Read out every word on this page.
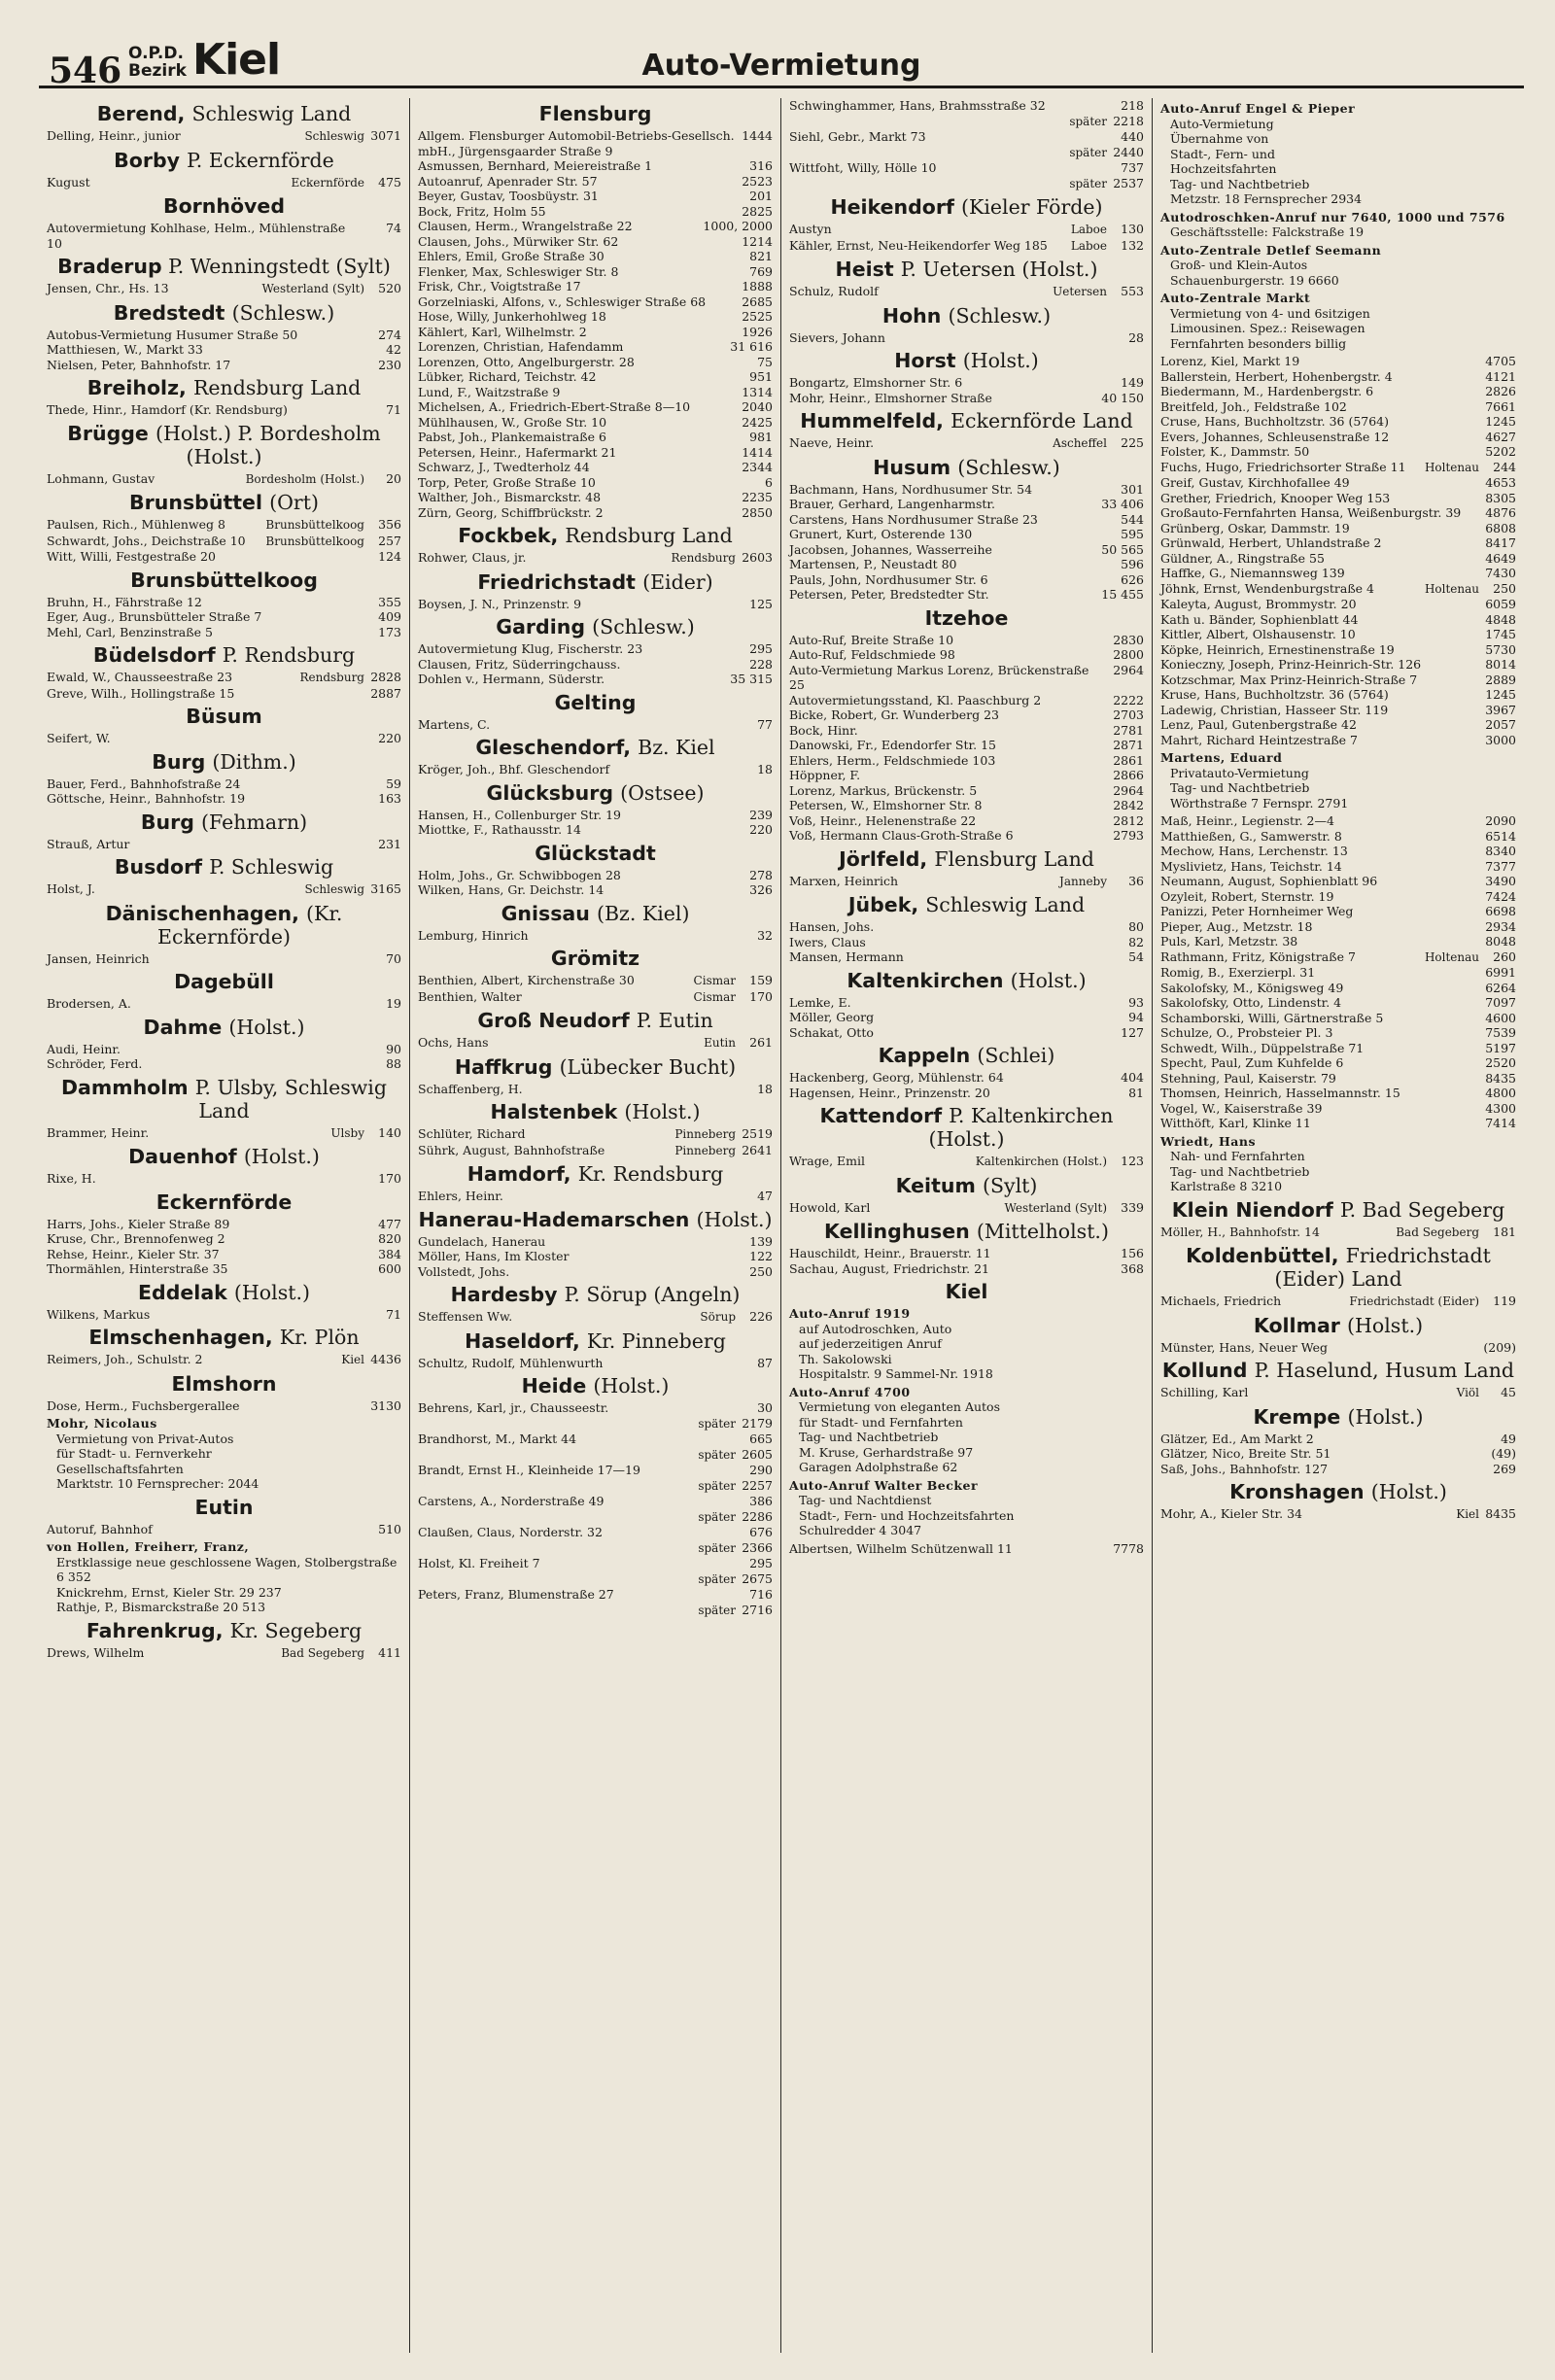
546 O.P.D.
Bezirk Kiel	Auto-Vermietung
Berend, Schleswig Land
Delling, Heinr., junior	Schleswig 3071
Borby P. Eckernförde
Kugust	Eckernförde	475
Bornhöved
Autovermietung Kohlhase, Helm., Mühlenstraße 10
74
Braderup P. Wenningstedt (Sylt)
Jensen, Chr., Hs. 13	Westerland (Sylt)	520
Bredstedt (Schlesw.)
Autobus-Vermietung Husumer Straße 50	274
Matthiesen, W., Markt 33	42
Nielsen, Peter, Bahnhofstr. 17	230
Breiholz, Rendsburg Land
Thede, Hinr., Hamdorf (Kr. Rendsburg)	71
Brügge (Holst.) P. Bordesholm (Holst.)
Lohmann, Gustav	Bordesholm (Holst.)	20
Brunsbüttel (Ort)
Paulsen, Rich., Mühlenweg 8	Brunsbüttelkoog	356
Schwardt, Johs., Deichstraße 10	Brunsbüttelkoog	257
Witt, Willi, Festgestraße 20	124
Brunsbüttelkoog
Bruhn, H., Fährstraße 12	355
Eger, Aug., Brunsbütteler Straße 7	409
Mehl, Carl, Benzinstraße 5	173
Büdelsdorf P. Rendsburg
Ewald, W., Chausseestraße 23	Rendsburg 2828
Greve, Wilh., Hollingstraße 15	2887
Büsum
Seifert, W.	220
Burg (Dithm.)
Bauer, Ferd., Bahnhofstraße 24	59
Göttsche, Heinr., Bahnhofstr. 19	163
Burg (Fehmarn)
Strauß, Artur	231
Busdorf P. Schleswig
Holst, J.	Schleswig 3165
Dänischenhagen, (Kr. Eckernförde)
Jansen, Heinrich	70
Dagebüll
Brodersen, A.	19
Dahme (Holst.)
Audi, Heinr.	90
Schröder, Ferd.	88
Dammholm P. Ulsby, Schleswig Land
Brammer, Heinr.	Ulsby	140
Dauenhof (Holst.)
Rixe, H.	170
Eckernförde
Harrs, Johs., Kieler Straße 89	477
Kruse, Chr., Brennofenweg 2	820
Rehse, Heinr., Kieler Str. 37	384
Thormählen, Hinterstraße 35	600
Eddelak (Holst.)
Wilkens, Markus	71
Elmschenhagen, Kr. Plön
Reimers, Joh., Schulstr. 2	Kiel 4436
Elmshorn
Dose, Herm., Fuchsbergerallee	3130
Mohr, Nicolaus
Vermietung von Privat-Autos
für Stadt- u. Fernverkehr
Gesellschaftsfahrten
Marktstr. 10 Fernsprecher: 2044
Eutin
Autoruf, Bahnhof	510
von Hollen, Freiherr, Franz,
Erstklassige neue geschlossene Wagen, Stolbergstraße 6 352
Knickrehm, Ernst, Kieler Str. 29 237
Rathje, P., Bismarckstraße 20 513
Fahrenkrug, Kr. Segeberg
Drews, Wilhelm	Bad Segeberg	411
Flensburg
Allgem. Flensburger Automobil-Betriebs-Gesellsch. mbH., Jürgensgaarder Straße 9
1444
Asmussen, Bernhard, Meiereistraße 1	316
Autoanruf, Apenrader Str. 57	2523
Beyer, Gustav, Toosbüystr. 31	201
Bock, Fritz, Holm 55	2825
Clausen, Herm., Wrangelstraße 22	1000, 2000
Clausen, Johs., Mürwiker Str. 62	1214
Ehlers, Emil, Große Straße 30	821
Flenker, Max, Schleswiger Str. 8	769
Frisk, Chr., Voigtstraße 17	1888
Gorzelniaski, Alfons, v., Schleswiger Straße 68	2685
Hose, Willy, Junkerhohlweg 18	2525
Kählert, Karl, Wilhelmstr. 2	1926
Lorenzen, Christian, Hafendamm	31 616
Lorenzen, Otto, Angelburgerstr. 28	75
Lübker, Richard, Teichstr. 42	951
Lund, F., Waitzstraße 9	1314
Michelsen, A., Friedrich-Ebert-Straße 8—10	2040
Mühlhausen, W., Große Str. 10	2425
Pabst, Joh., Plankemaistraße 6	981
Petersen, Heinr., Hafermarkt 21	1414
Schwarz, J., Twedterholz 44	2344
Torp, Peter, Große Straße 10	6
Walther, Joh., Bismarckstr. 48	2235
Zürn, Georg, Schiffbrückstr. 2	2850
Fockbek, Rendsburg Land
Rohwer, Claus, jr.	Rendsburg 2603
Friedrichstadt (Eider)
Boysen, J. N., Prinzenstr. 9	125
Garding (Schlesw.)
Autovermietung Klug, Fischerstr. 23	295
Clausen, Fritz, Süderringchauss.	228
Dohlen v., Hermann, Süderstr.	35 315
Gelting
Martens, C.	77
Gleschendorf, Bz. Kiel
Kröger, Joh., Bhf. Gleschendorf	18
Glücksburg (Ostsee)
Hansen, H., Collenburger Str. 19	239
Miottke, F., Rathausstr. 14	220
Glückstadt
Holm, Johs., Gr. Schwibbogen 28	278
Wilken, Hans, Gr. Deichstr. 14	326
Gnissau (Bz. Kiel)
Lemburg, Hinrich	32
Grömitz
Benthien, Albert, Kirchenstraße 30	Cismar	159
Benthien, Walter	Cismar	170
Groß Neudorf P. Eutin
Ochs, Hans	Eutin	261
Haffkrug (Lübecker Bucht)
Schaffenberg, H.	18
Halstenbek (Holst.)
Schlüter, Richard	Pinneberg 2519
Sührk, August, Bahnhofstraße	Pinneberg 2641
Hamdorf, Kr. Rendsburg
Ehlers, Heinr.	47
Hanerau-Hademarschen (Holst.)
Gundelach, Hanerau	139
Möller, Hans, Im Kloster	122
Vollstedt, Johs.	250
Hardesby P. Sörup (Angeln)
Steffensen Ww.	Sörup	226
Haseldorf, Kr. Pinneberg
Schultz, Rudolf, Mühlenwurth	87
Heide (Holst.)
Behrens, Karl, jr., Chausseestr.	30
später 2179
Brandhorst, M., Markt 44	665
später 2605
Brandt, Ernst H., Kleinheide 17—19	290
später 2257
Carstens, A., Norderstraße 49	386
später 2286
Claußen, Claus, Norderstr. 32	676
später 2366
Holst, Kl. Freiheit 7	295
später 2675
Peters, Franz, Blumenstraße 27	716
später 2716
Schwinghammer, Hans, Brahmsstraße 32	218
später 2218
Siehl, Gebr., Markt 73	440
später 2440
Wittfoht, Willy, Hölle 10	737
später 2537
Heikendorf (Kieler Förde)
Austyn	Laboe	130
Kähler, Ernst, Neu-Heikendorfer Weg 185	Laboe	132
Heist P. Uetersen (Holst.)
Schulz, Rudolf	Uetersen	553
Hohn (Schlesw.)
Sievers, Johann	28
Horst (Holst.)
Bongartz, Elmshorner Str. 6	149
Mohr, Heinr., Elmshorner Straße	40 150
Hummelfeld, Eckernförde Land
Naeve, Heinr.	Ascheffel	225
Husum (Schlesw.)
Bachmann, Hans, Nordhusumer Str. 54	301
Brauer, Gerhard, Langenharmstr.	33 406
Carstens, Hans Nordhusumer Straße 23	544
Grunert, Kurt, Osterende 130	595
Jacobsen, Johannes, Wasserreihe	50 565
Martensen, P., Neustadt 80	596
Pauls, John, Nordhusumer Str. 6	626
Petersen, Peter, Bredstedter Str.	15 455
Itzehoe
Auto-Ruf, Breite Straße 10	2830
Auto-Ruf, Feldschmiede 98	2800
Auto-Vermietung Markus Lorenz, Brückenstraße 25
2964
Autovermietungsstand, Kl. Paaschburg 2	2222
Bicke, Robert, Gr. Wunderberg 23	2703
Bock, Hinr.	2781
Danowski, Fr., Edendorfer Str. 15	2871
Ehlers, Herm., Feldschmiede 103	2861
Höppner, F.	2866
Lorenz, Markus, Brückenstr. 5	2964
Petersen, W., Elmshorner Str. 8	2842
Voß, Heinr., Helenenstraße 22	2812
Voß, Hermann Claus-Groth-Straße 6	2793
Jörlfeld, Flensburg Land
Marxen, Heinrich	Janneby	36
Jübek, Schleswig Land
Hansen, Johs.	80
Iwers, Claus	82
Mansen, Hermann	54
Kaltenkirchen (Holst.)
Lemke, E.	93
Möller, Georg	94
Schakat, Otto	127
Kappeln (Schlei)
Hackenberg, Georg, Mühlenstr. 64	404
Hagensen, Heinr., Prinzenstr. 20	81
Kattendorf P. Kaltenkirchen (Holst.)
Wrage, Emil	Kaltenkirchen (Holst.)	123
Keitum (Sylt)
Howold, Karl	Westerland (Sylt)	339
Kellinghusen (Mittelholst.)
Hauschildt, Heinr., Brauerstr. 11	156
Sachau, August, Friedrichstr. 21	368
Kiel
Auto-Anruf 1919
auf Autodroschken, Auto
auf jederzeitigen Anruf
Th. Sakolowski
Hospitalstr. 9 Sammel-Nr. 1918
Auto-Anruf 4700
Vermietung von eleganten Autos
für Stadt- und Fernfahrten
Tag- und Nachtbetrieb
M. Kruse, Gerhardstraße 97
Garagen Adolphstraße 62
Auto-Anruf Walter Becker
Tag- und Nachtdienst
Stadt-, Fern- und Hochzeitsfahrten
Schulredder 4 3047
Albertsen, Wilhelm Schützenwall 11	7778
Auto-Anruf Engel & Pieper
Auto-Vermietung
Übernahme von
Stadt-, Fern- und
Hochzeitsfahrten
Tag- und Nachtbetrieb
Metzstr. 18 Fernsprecher 2934
Autodroschken-Anruf nur 7640, 1000 und 7576
Geschäftsstelle: Falckstraße 19
Auto-Zentrale Detlef Seemann
Groß- und Klein-Autos
Schauenburgerstr. 19 6660
Auto-Zentrale Markt
Vermietung von 4- und 6sitzigen
Limousinen. Spez.: Reisewagen
Fernfahrten besonders billig
Lorenz, Kiel, Markt 19	4705
Ballerstein, Herbert, Hohenbergstr. 4	4121
Biedermann, M., Hardenbergstr. 6	2826
Breitfeld, Joh., Feldstraße 102	7661
Cruse, Hans, Buchholtzstr. 36 (5764)	1245
Evers, Johannes, Schleusenstraße 12	4627
Folster, K., Dammstr. 50	5202
Fuchs, Hugo, Friedrichsorter Straße 11	Holtenau	244
Greif, Gustav, Kirchhofallee 49	4653
Grether, Friedrich, Knooper Weg 153	8305
Großauto-Fernfahrten Hansa, Weißenburgstr. 39	4876
Grünberg, Oskar, Dammstr. 19	6808
Grünwald, Herbert, Uhlandstraße 2	8417
Güldner, A., Ringstraße 55	4649
Haffke, G., Niemannsweg 139	7430
Jöhnk, Ernst, Wendenburgstraße 4	Holtenau	250
Kaleyta, August, Brommystr. 20	6059
Kath u. Bänder, Sophienblatt 44	4848
Kittler, Albert, Olshausenstr. 10	1745
Köpke, Heinrich, Ernestinenstraße 19	5730
Konieczny, Joseph, Prinz-Heinrich-Str. 126	8014
Kotzschmar, Max Prinz-Heinrich-Straße 7	2889
Kruse, Hans, Buchholtzstr. 36 (5764)	1245
Ladewig, Christian, Hasseer Str. 119	3967
Lenz, Paul, Gutenbergstraße 42	2057
Mahrt, Richard Heintzestraße 7	3000
Martens, Eduard
Privatauto-Vermietung
Tag- und Nachtbetrieb
Wörthstraße 7 Fernspr. 2791
Maß, Heinr., Legienstr. 2—4	2090
Matthießen, G., Samwerstr. 8	6514
Mechow, Hans, Lerchenstr. 13	8340
Myslivietz, Hans, Teichstr. 14	7377
Neumann, August, Sophienblatt 96	3490
Ozyleit, Robert, Sternstr. 19	7424
Panizzi, Peter Hornheimer Weg	6698
Pieper, Aug., Metzstr. 18	2934
Puls, Karl, Metzstr. 38	8048
Rathmann, Fritz, Königstraße 7	Holtenau	260
Romig, B., Exerzierpl. 31	6991
Sakolofsky, M., Königsweg 49	6264
Sakolofsky, Otto, Lindenstr. 4	7097
Schamborski, Willi, Gärtnerstraße 5	4600
Schulze, O., Probsteier Pl. 3	7539
Schwedt, Wilh., Düppelstraße 71	5197
Specht, Paul, Zum Kuhfelde 6	2520
Stehning, Paul, Kaiserstr. 79	8435
Thomsen, Heinrich, Hasselmannstr. 15	4800
Vogel, W., Kaiserstraße 39	4300
Witthöft, Karl, Klinke 11	7414
Wriedt, Hans
Nah- und Fernfahrten
Tag- und Nachtbetrieb
Karlstraße 8 3210
Klein Niendorf P. Bad Segeberg
Möller, H., Bahnhofstr. 14	Bad Segeberg	181
Koldenbüttel, Friedrichstadt (Eider) Land
Michaels, Friedrich	Friedrichstadt (Eider)	119
Kollmar (Holst.)
Münster, Hans, Neuer Weg	(209)
Kollund P. Haselund, Husum Land
Schilling, Karl	Viöl	45
Krempe (Holst.)
Glätzer, Ed., Am Markt 2	49
Glätzer, Nico, Breite Str. 51	(49)
Saß, Johs., Bahnhofstr. 127	269
Kronshagen (Holst.)
Mohr, A., Kieler Str. 34	Kiel 8435
